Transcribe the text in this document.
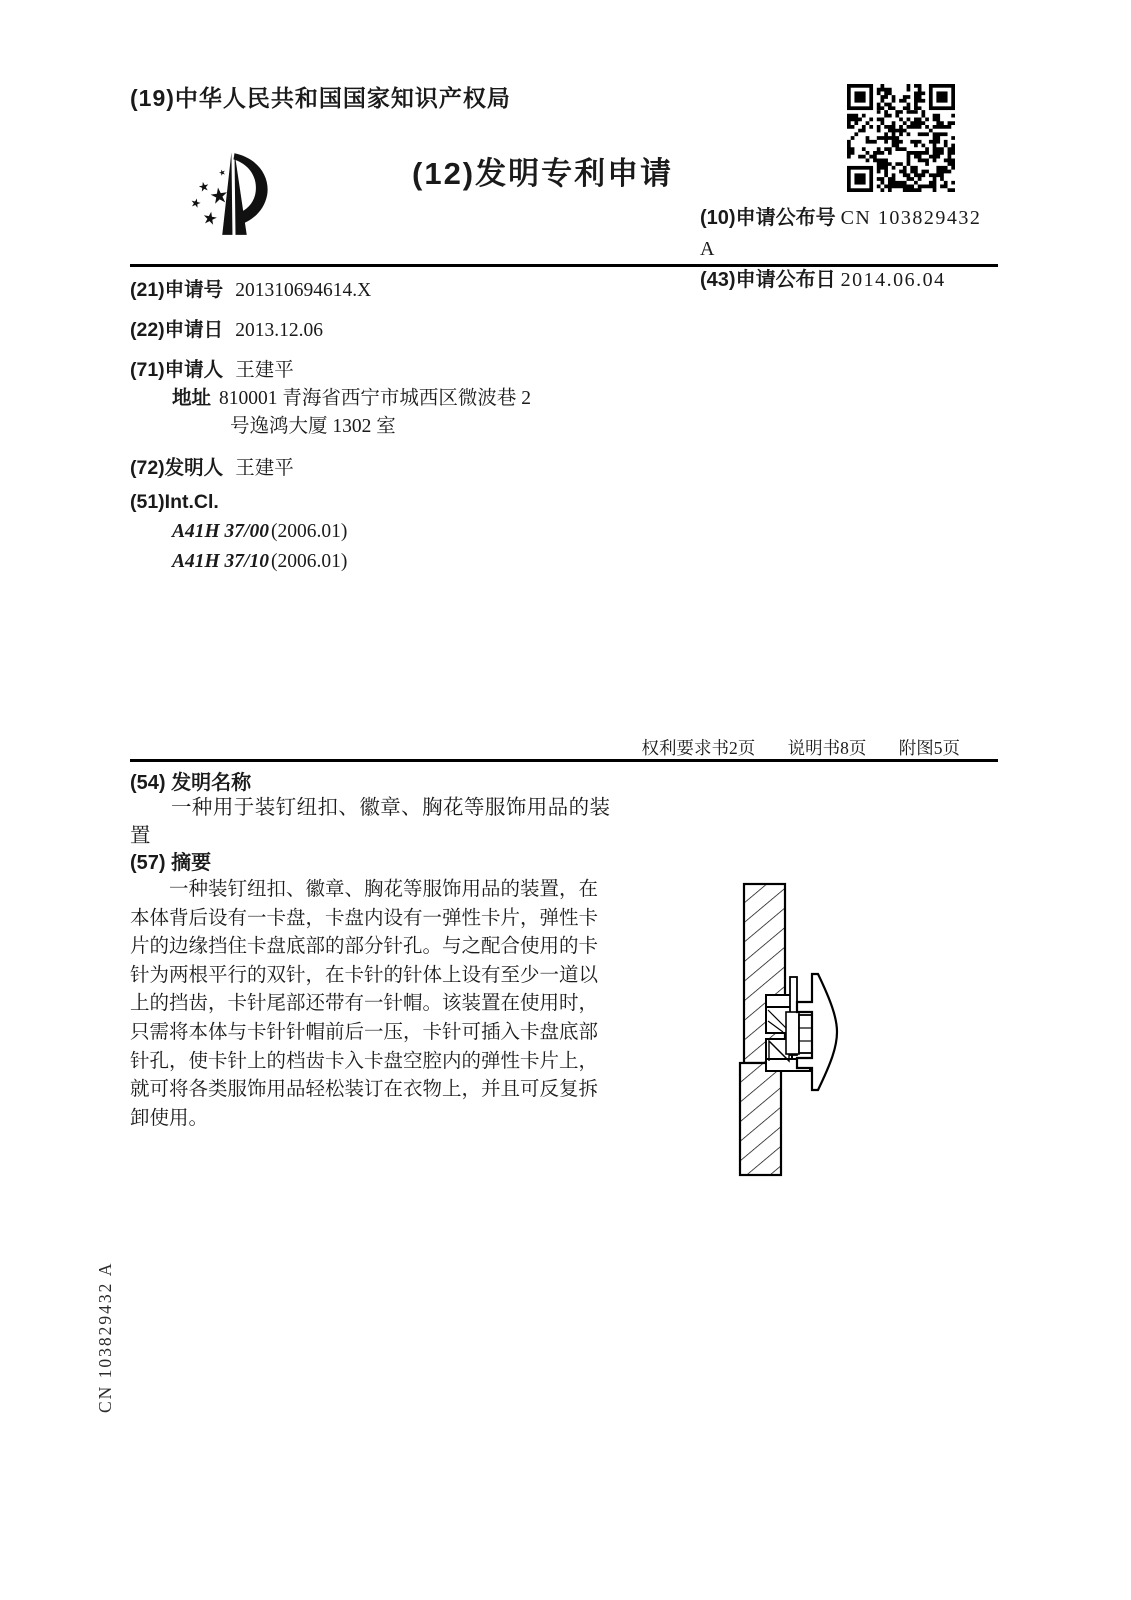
(19)中华人民共和国国家知识产权局
(12)发明专利申请
(10)申请公布号 CN 103829432 A
(43)申请公布日 2014.06.04
(21)申请号 201310694614.X
(22)申请日 2013.12.06
(71)申请人 王建平
地址 810001 青海省西宁市城西区微波巷 2
号逸鸿大厦 1302 室
(72)发明人 王建平
(51)Int.Cl.
A41H 37/00 (2006.01)
A41H 37/10 (2006.01)
权利要求书2页 说明书8页 附图5页
(54) 发明名称
一种用于装钉纽扣、徽章、胸花等服饰用品的装置
(57) 摘要
一种装钉纽扣、徽章、胸花等服饰用品的装置，在本体背后设有一卡盘，卡盘内设有一弹性卡片，弹性卡片的边缘挡住卡盘底部的部分针孔。与之配合使用的卡针为两根平行的双针，在卡针的针体上设有至少一道以上的挡齿，卡针尾部还带有一针帽。该装置在使用时，只需将本体与卡针针帽前后一压，卡针可插入卡盘底部针孔，使卡针上的档齿卡入卡盘空腔内的弹性卡片上，就可将各类服饰用品轻松装订在衣物上，并且可反复拆卸使用。
CN 103829432 A
